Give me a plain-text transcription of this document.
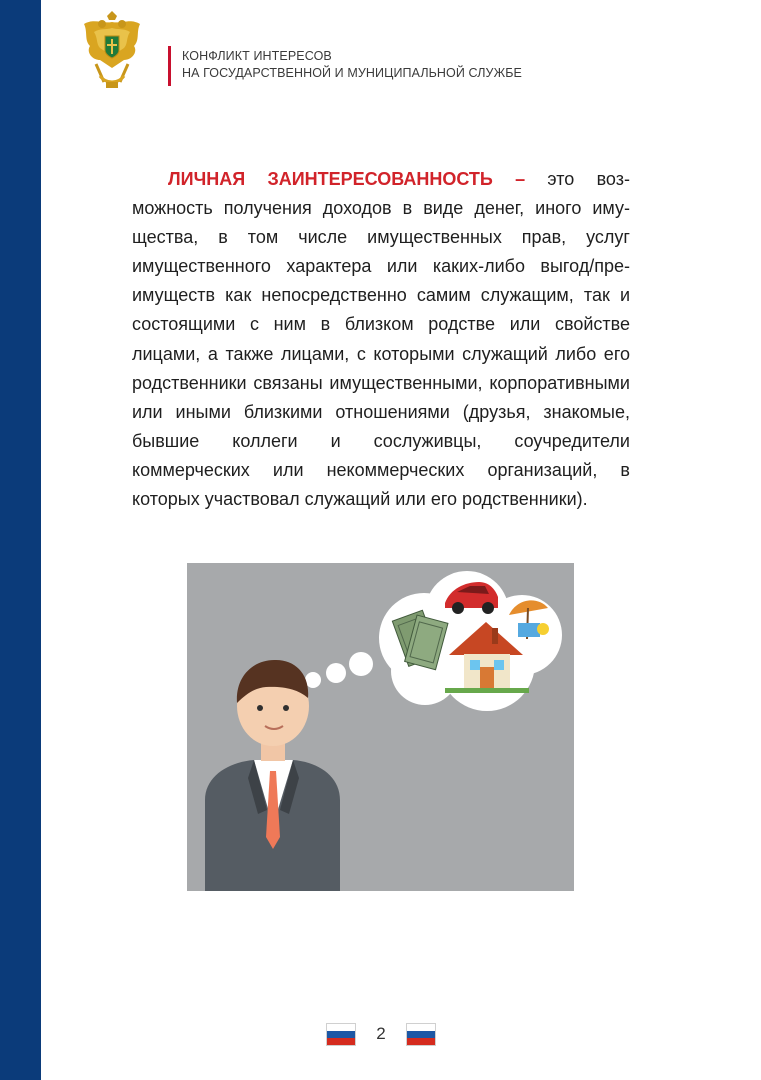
КОНФЛИКТ ИНТЕРЕСОВ
НА ГОСУДАРСТВЕННОЙ И МУНИЦИПАЛЬНОЙ СЛУЖБЕ

ЛИЧНАЯ ЗАИНТЕРЕСОВАННОСТЬ – это возможность получения доходов в виде денег, иного имущества, в том числе имущественных прав, услуг имущественного характера или каких-либо выгод/преимуществ как непосредственно самим служащим, так и состоящими с ним в близком родстве или свойстве лицами, а также лицами, с которыми служащий либо его родственники связаны имущественными, корпоративными или иными близкими отношениями (друзья, знакомые, бывшие коллеги и сослуживцы, соучредители коммерческих или некоммерческих организаций, в которых участвовал служащий или его родственники).

2
